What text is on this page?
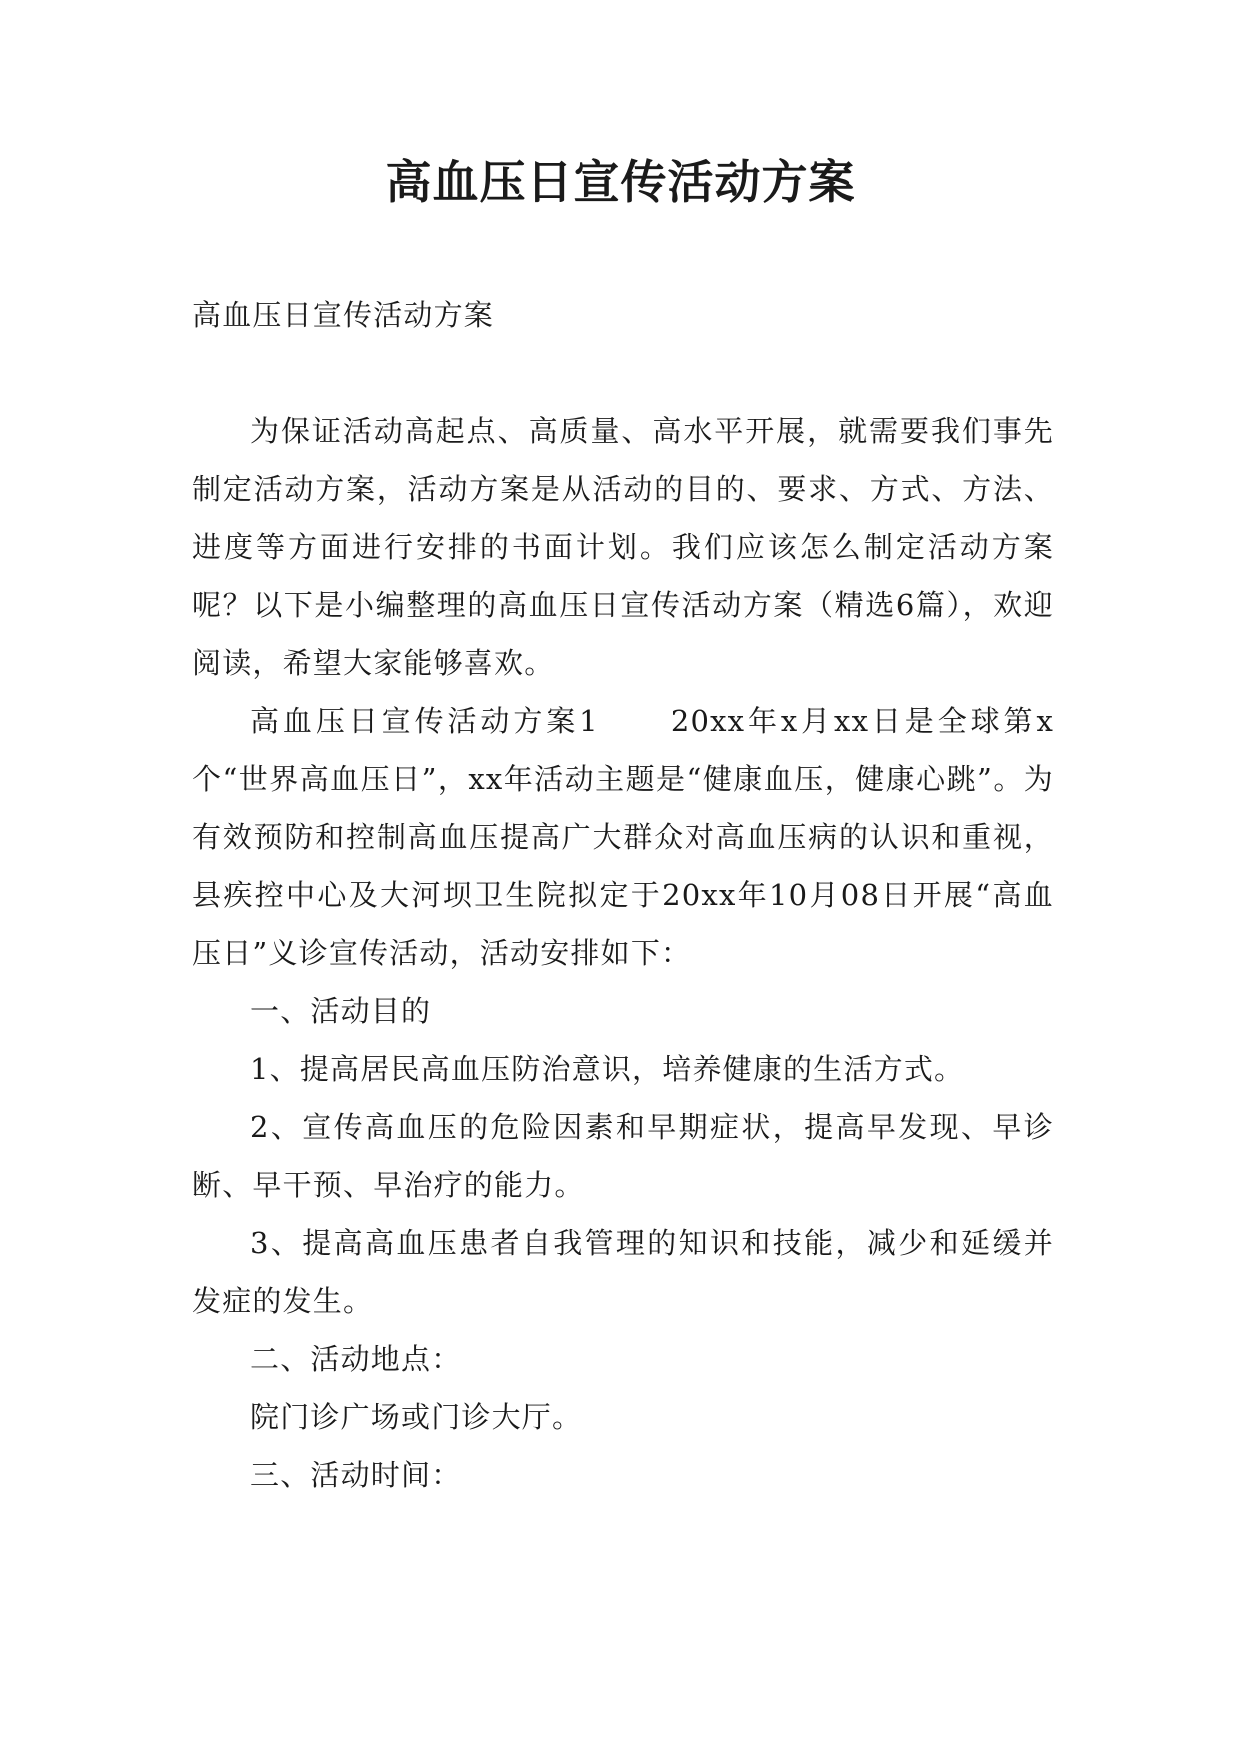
高血压日宣传活动方案

高血压日宣传活动方案

为保证活动高起点、高质量、高水平开展，就需要我们事先制定活动方案，活动方案是从活动的目的、要求、方式、方法、进度等方面进行安排的书面计划。我们应该怎么制定活动方案呢？以下是小编整理的高血压日宣传活动方案（精选6篇），欢迎阅读，希望大家能够喜欢。

高血压日宣传活动方案1 20xx年x月xx日是全球第x个“世界高血压日”，xx年活动主题是“健康血压，健康心跳”。为有效预防和控制高血压提高广大群众对高血压病的认识和重视，县疾控中心及大河坝卫生院拟定于20xx年10月08日开展“高血压日”义诊宣传活动，活动安排如下：

一、活动目的

1、提高居民高血压防治意识，培养健康的生活方式。

2、宣传高血压的危险因素和早期症状，提高早发现、早诊断、早干预、早治疗的能力。

3、提高高血压患者自我管理的知识和技能，减少和延缓并发症的发生。

二、活动地点：

院门诊广场或门诊大厅。

三、活动时间：
